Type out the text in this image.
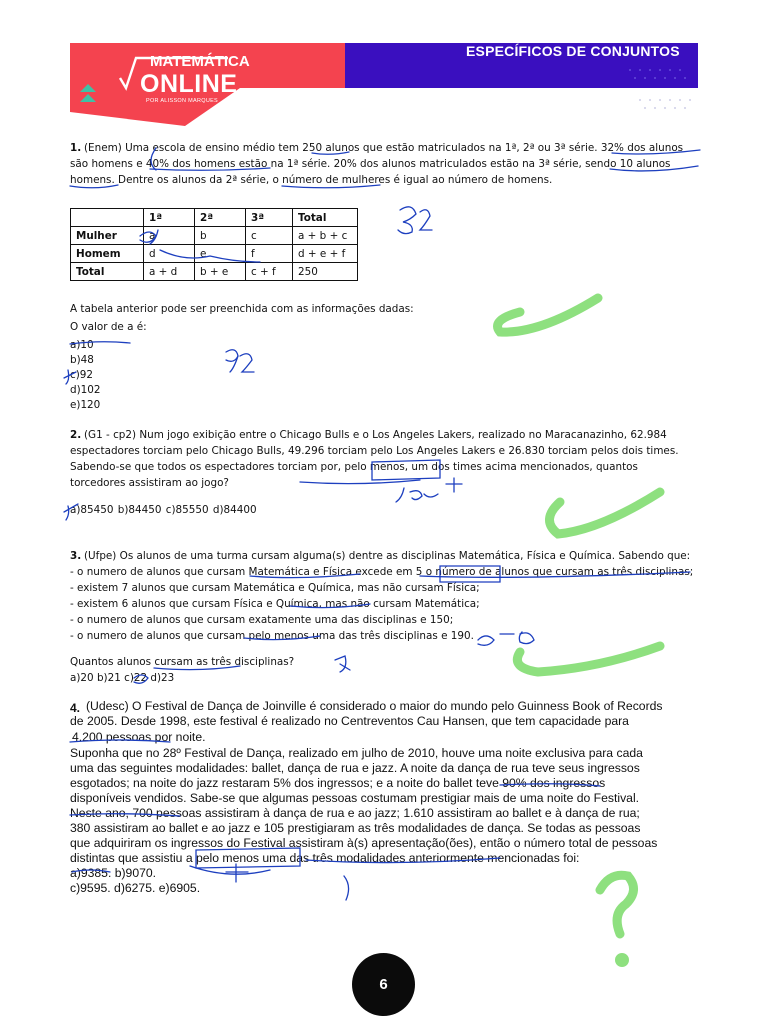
ESPECÍFICOS DE CONJUNTOS
MATEMÁTICA
ONLINE
POR ALISSON MARQUES
1. (Enem) Uma escola de ensino médio tem 250 alunos que estão matriculados na 1ª, 2ª ou 3ª série. 32% dos alunos
são homens e 40% dos homens estão na 1ª série. 20% dos alunos matriculados estão na 3ª série, sendo 10 alunos
homens. Dentre os alunos da 2ª série, o número de mulheres é igual ao número de homens.
	1ª	2ª	3ª	Total
Mulher	a	b	c	a + b + c
Homem	d	e	f	d + e + f
Total	a + d	b + e	c + f	250
A tabela anterior pode ser preenchida com as informações dadas:
O valor de a é:
a)10
b)48
c)92
d)102
e)120
2. (G1 - cp2) Num jogo exibição entre o Chicago Bulls e o Los Angeles Lakers, realizado no Maracanazinho, 62.984
espectadores torciam pelo Chicago Bulls, 49.296 torciam pelo Los Angeles Lakers e 26.830 torciam pelos dois times.
Sabendo-se que todos os espectadores torciam por, pelo menos, um dos times acima mencionados, quantos
torcedores assistiram ao jogo?
a)85450 b)84450 c)85550 d)84400
3. (Ufpe) Os alunos de uma turma cursam alguma(s) dentre as disciplinas Matemática, Física e Química. Sabendo que:
- o numero de alunos que cursam Matemática e Física excede em 5 o número de alunos que cursam as três disciplinas;
- existem 7 alunos que cursam Matemática e Química, mas não cursam Física;
- existem 6 alunos que cursam Física e Química, mas não cursam Matemática;
- o numero de alunos que cursam exatamente uma das disciplinas e 150;
- o numero de alunos que cursam pelo menos uma das três disciplinas e 190.
Quantos alunos cursam as três disciplinas?
a)20 b)21 c)22 d)23
4. (Udesc) O Festival de Dança de Joinville é considerado o maior do mundo pelo Guinness Book of Records
de 2005. Desde 1998, este festival é realizado no Centreventos Cau Hansen, que tem capacidade para
4.200 pessoas por noite.
Suponha que no 28º Festival de Dança, realizado em julho de 2010, houve uma noite exclusiva para cada
uma das seguintes modalidades: ballet, dança de rua e jazz. A noite da dança de rua teve seus ingressos
esgotados; na noite do jazz restaram 5% dos ingressos; e a noite do ballet teve 90% dos ingressos
disponíveis vendidos. Sabe-se que algumas pessoas costumam prestigiar mais de uma noite do Festival.
Neste ano, 700 pessoas assistiram à dança de rua e ao jazz; 1.610 assistiram ao ballet e à dança de rua;
380 assistiram ao ballet e ao jazz e 105 prestigiaram as três modalidades de dança. Se todas as pessoas
que adquiriram os ingressos do Festival assistiram à(s) apresentação(ões), então o número total de pessoas
distintas que assistiu a pelo menos uma das três modalidades anteriormente mencionadas foi:
a)9385. b)9070.
c)9595. d)6275. e)6905.
6
